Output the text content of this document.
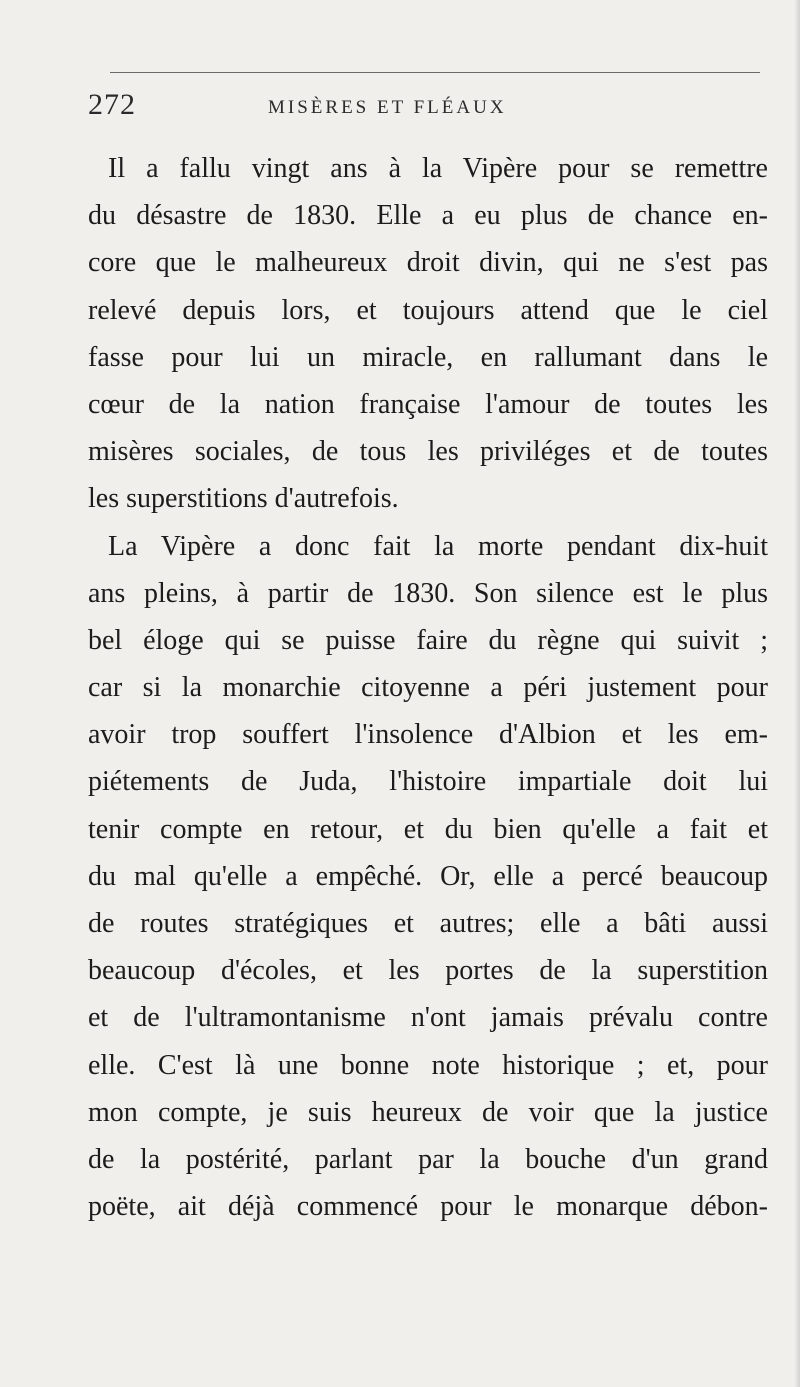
272	MISÈRES ET FLÉAUX
Il a fallu vingt ans à la Vipère pour se remettre
du désastre de 1830. Elle a eu plus de chance en-
core que le malheureux droit divin, qui ne s'est pas
relevé depuis lors, et toujours attend que le ciel
fasse pour lui un miracle, en rallumant dans le
cœur de la nation française l'amour de toutes les
misères sociales, de tous les priviléges et de toutes
les superstitions d'autrefois.
La Vipère a donc fait la morte pendant dix-huit
ans pleins, à partir de 1830. Son silence est le plus
bel éloge qui se puisse faire du règne qui suivit ;
car si la monarchie citoyenne a péri justement pour
avoir trop souffert l'insolence d'Albion et les em-
piétements de Juda, l'histoire impartiale doit lui
tenir compte en retour, et du bien qu'elle a fait et
du mal qu'elle a empêché. Or, elle a percé beaucoup
de routes stratégiques et autres; elle a bâti aussi
beaucoup d'écoles, et les portes de la superstition
et de l'ultramontanisme n'ont jamais prévalu contre
elle. C'est là une bonne note historique ; et, pour
mon compte, je suis heureux de voir que la justice
de la postérité, parlant par la bouche d'un grand
poëte, ait déjà commencé pour le monarque débon-
